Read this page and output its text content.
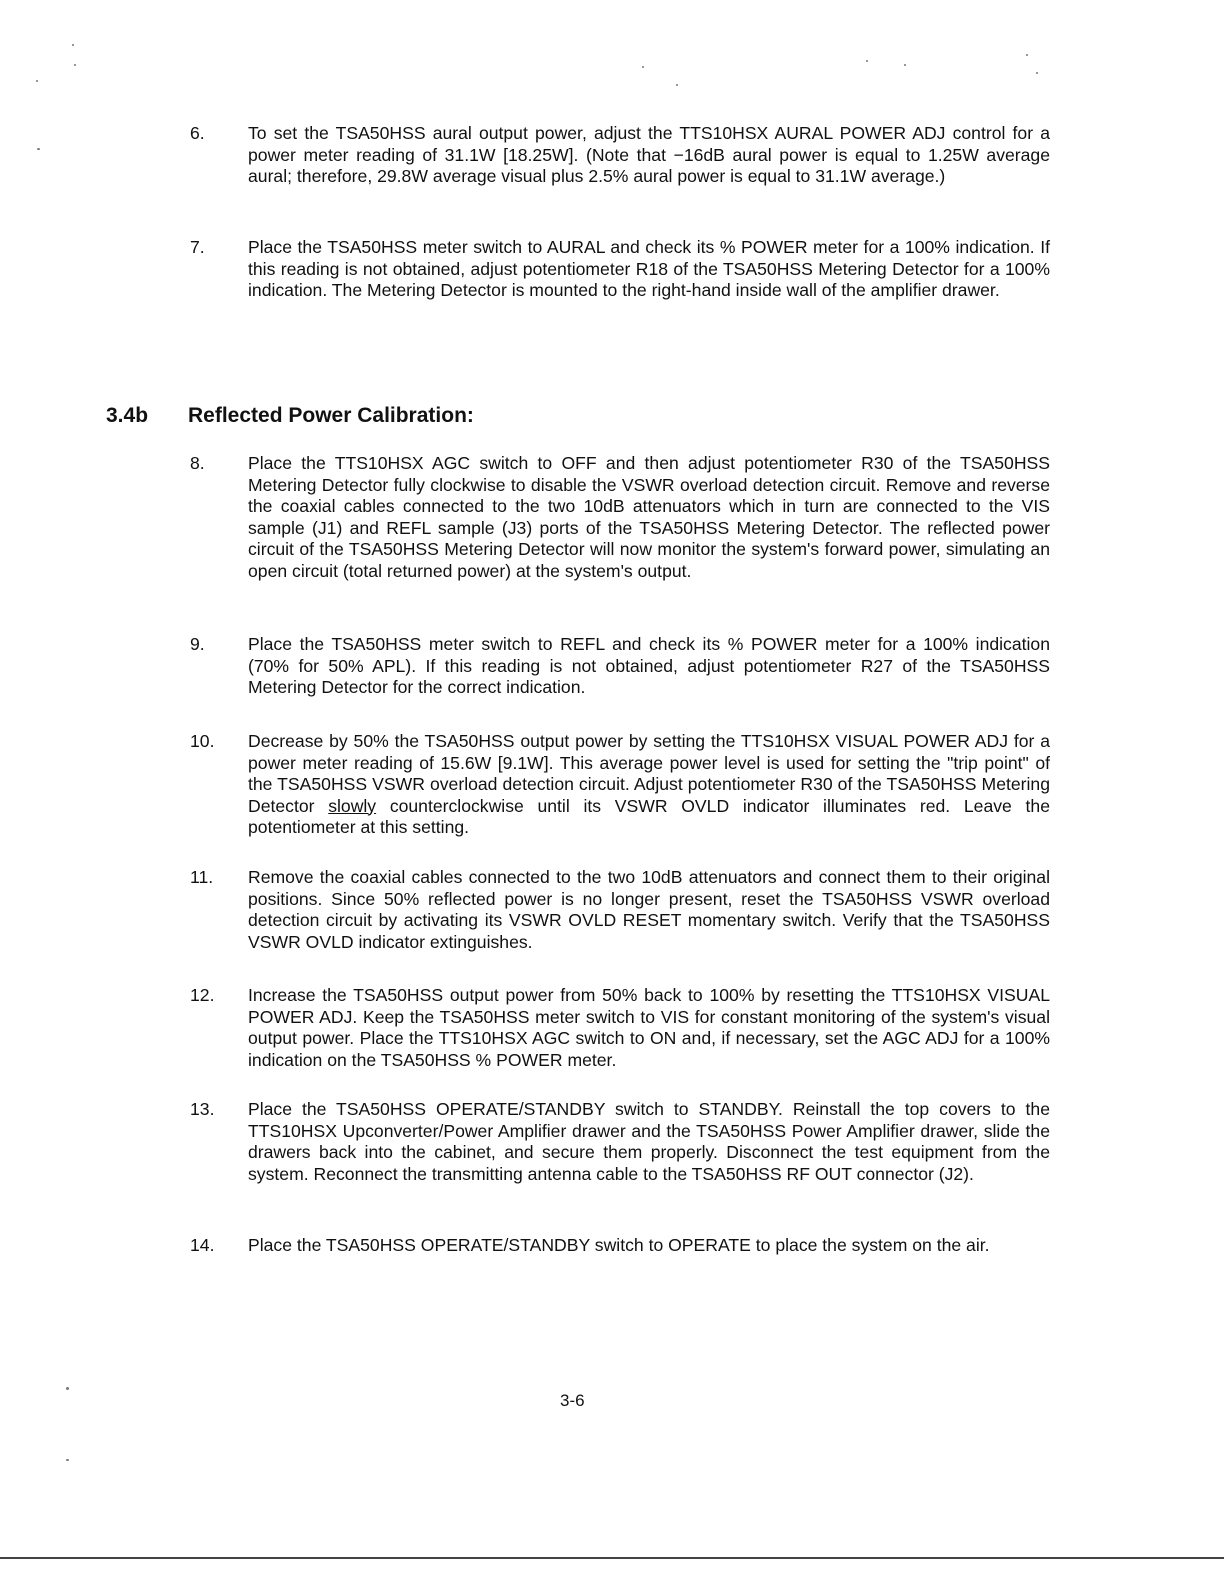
6. To set the TSA50HSS aural output power, adjust the TTS10HSX AURAL POWER ADJ control for a power meter reading of 31.1W [18.25W]. (Note that −16dB aural power is equal to 1.25W average aural; therefore, 29.8W average visual plus 2.5% aural power is equal to 31.1W average.)
7. Place the TSA50HSS meter switch to AURAL and check its % POWER meter for a 100% indication. If this reading is not obtained, adjust potentiometer R18 of the TSA50HSS Metering Detector for a 100% indication. The Metering Detector is mounted to the right-hand inside wall of the amplifier drawer.
3.4b Reflected Power Calibration:
8. Place the TTS10HSX AGC switch to OFF and then adjust potentiometer R30 of the TSA50HSS Metering Detector fully clockwise to disable the VSWR overload detection circuit. Remove and reverse the coaxial cables connected to the two 10dB attenuators which in turn are connected to the VIS sample (J1) and REFL sample (J3) ports of the TSA50HSS Metering Detector. The reflected power circuit of the TSA50HSS Metering Detector will now monitor the system's forward power, simulating an open circuit (total returned power) at the system's output.
9. Place the TSA50HSS meter switch to REFL and check its % POWER meter for a 100% indication (70% for 50% APL). If this reading is not obtained, adjust potentiometer R27 of the TSA50HSS Metering Detector for the correct indication.
10. Decrease by 50% the TSA50HSS output power by setting the TTS10HSX VISUAL POWER ADJ for a power meter reading of 15.6W [9.1W]. This average power level is used for setting the "trip point" of the TSA50HSS VSWR overload detection circuit. Adjust potentiometer R30 of the TSA50HSS Metering Detector slowly counterclockwise until its VSWR OVLD indicator illuminates red. Leave the potentiometer at this setting.
11. Remove the coaxial cables connected to the two 10dB attenuators and connect them to their original positions. Since 50% reflected power is no longer present, reset the TSA50HSS VSWR overload detection circuit by activating its VSWR OVLD RESET momentary switch. Verify that the TSA50HSS VSWR OVLD indicator extinguishes.
12. Increase the TSA50HSS output power from 50% back to 100% by resetting the TTS10HSX VISUAL POWER ADJ. Keep the TSA50HSS meter switch to VIS for constant monitoring of the system's visual output power. Place the TTS10HSX AGC switch to ON and, if necessary, set the AGC ADJ for a 100% indication on the TSA50HSS % POWER meter.
13. Place the TSA50HSS OPERATE/STANDBY switch to STANDBY. Reinstall the top covers to the TTS10HSX Upconverter/Power Amplifier drawer and the TSA50HSS Power Amplifier drawer, slide the drawers back into the cabinet, and secure them properly. Disconnect the test equipment from the system. Reconnect the transmitting antenna cable to the TSA50HSS RF OUT connector (J2).
14. Place the TSA50HSS OPERATE/STANDBY switch to OPERATE to place the system on the air.
3-6
